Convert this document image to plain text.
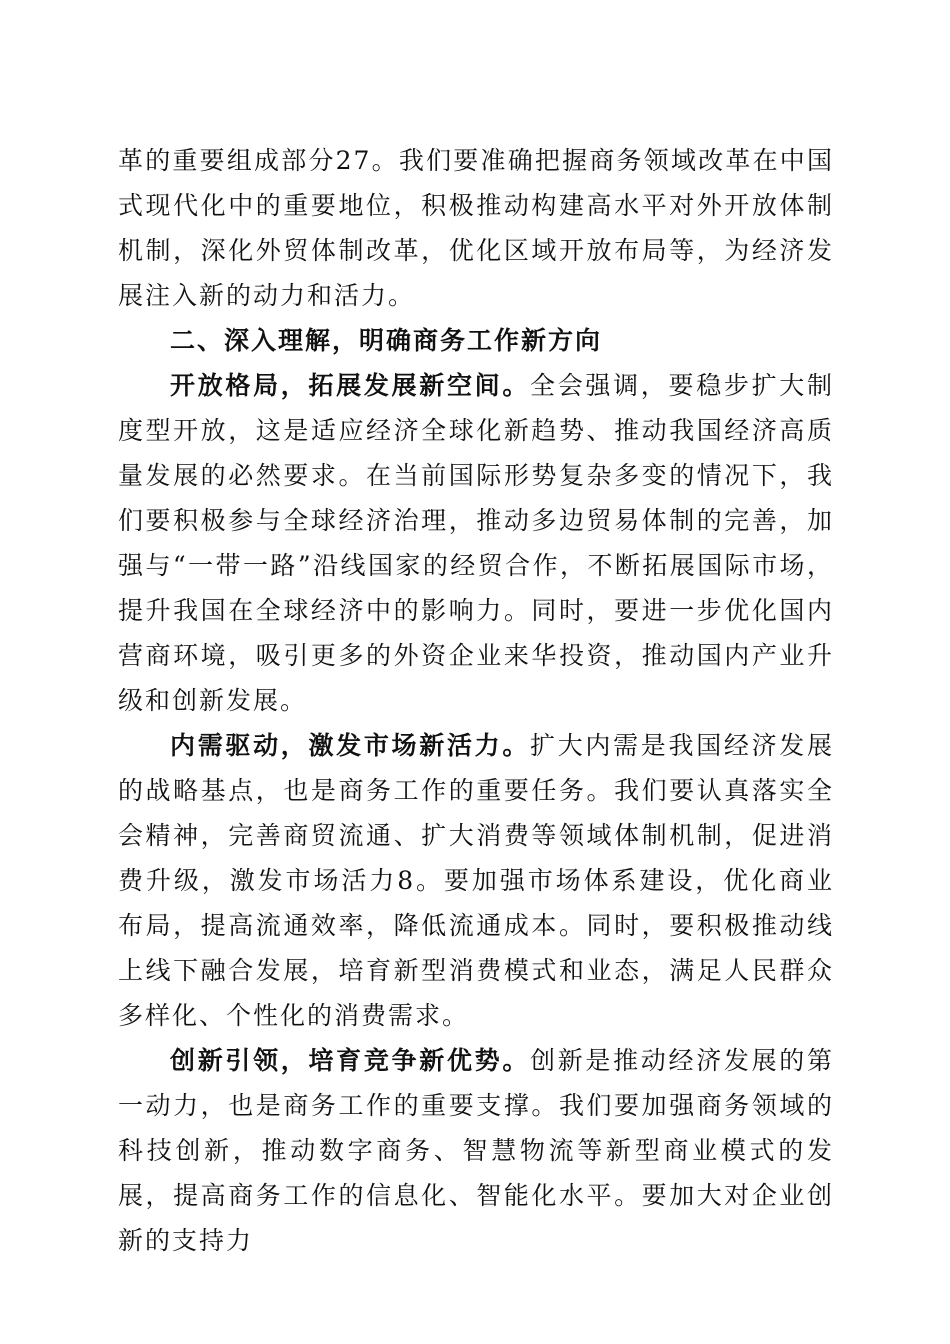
革的重要组成部分27。我们要准确把握商务领域改革在中国式现代化中的重要地位，积极推动构建高水平对外开放体制机制，深化外贸体制改革，优化区域开放布局等，为经济发展注入新的动力和活力。

二、深入理解，明确商务工作新方向

开放格局，拓展发展新空间。全会强调，要稳步扩大制度型开放，这是适应经济全球化新趋势、推动我国经济高质量发展的必然要求。在当前国际形势复杂多变的情况下，我们要积极参与全球经济治理，推动多边贸易体制的完善，加强与“一带一路”沿线国家的经贸合作，不断拓展国际市场，提升我国在全球经济中的影响力。同时，要进一步优化国内营商环境，吸引更多的外资企业来华投资，推动国内产业升级和创新发展。

内需驱动，激发市场新活力。扩大内需是我国经济发展的战略基点，也是商务工作的重要任务。我们要认真落实全会精神，完善商贸流通、扩大消费等领域体制机制，促进消费升级，激发市场活力8。要加强市场体系建设，优化商业布局，提高流通效率，降低流通成本。同时，要积极推动线上线下融合发展，培育新型消费模式和业态，满足人民群众多样化、个性化的消费需求。

创新引领，培育竞争新优势。创新是推动经济发展的第一动力，也是商务工作的重要支撑。我们要加强商务领域的科技创新，推动数字商务、智慧物流等新型商业模式的发展，提高商务工作的信息化、智能化水平。要加大对企业创新的支持力
